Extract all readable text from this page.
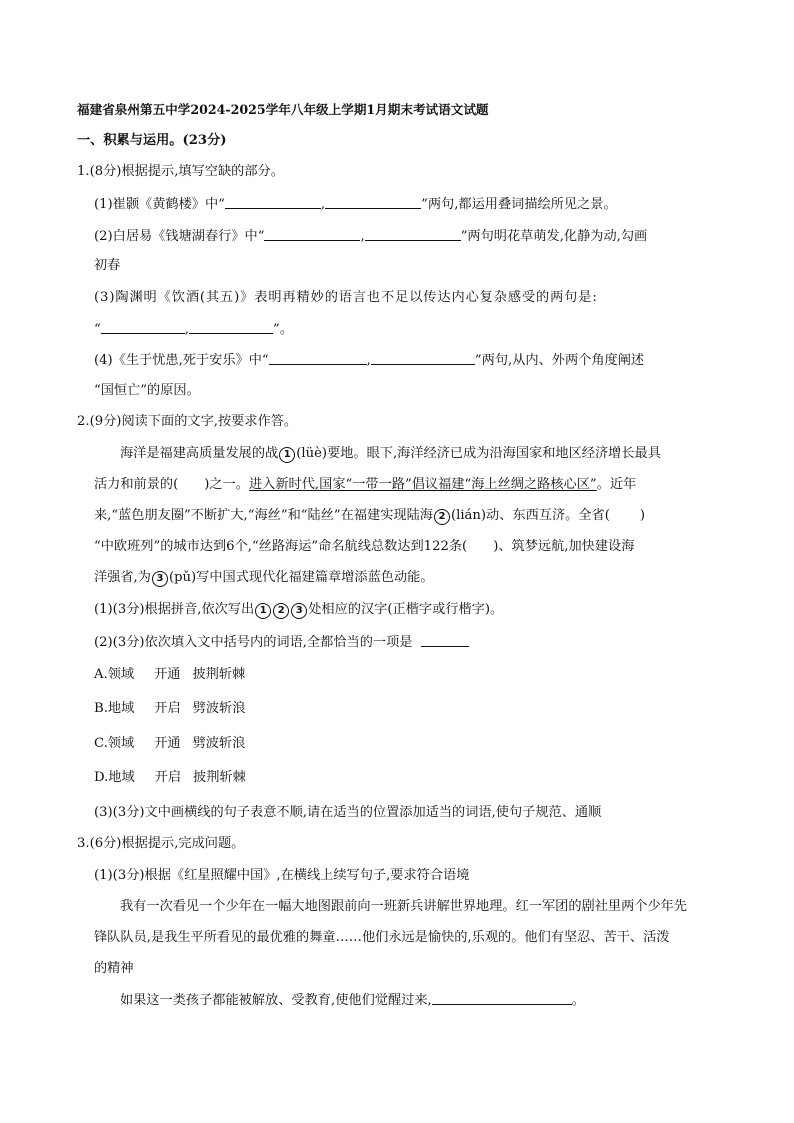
福建省泉州第五中学2024-2025学年八年级上学期1月期末考试语文试题
一、积累与运用。(23分)
1.(8分)根据提示,填写空缺的部分。
(1)崔颢《黄鹤楼》中“	,	”两句,都运用叠词描绘所见之景。
(2)白居易《钱塘湖春行》中“	,	”两句明花草萌发,化静为动,勾画
初春
(3)陶渊明《饮酒(其五)》表明再精妙的语言也不足以传达内心复杂感受的两句是:
“	,	”。
(4)《生于忧患,死于安乐》中“	,	”两句,从内、外两个角度阐述
“国恒亡”的原因。
2.(9分)阅读下面的文字,按要求作答。
海洋是福建高质量发展的战 1 (lüè)要地。眼下,海洋经济已成为沿海国家和地区经济增长最具
活力和前景的( )之一。进入新时代,国家“一带一路”倡议福建“海上丝绸之路核心区”。近年
来,“蓝色朋友圈”不断扩大,“海丝”和“陆丝”在福建实现陆海 2 (lián)动、东西互济。全省( )
“中欧班列”的城市达到6个,“丝路海运”命名航线总数达到122条( )、筑梦远航,加快建设海
洋强省,为 3 (pǔ)写中国式现代化福建篇章增添蓝色动能。
(1)(3分)根据拼音,依次写出 1 2 3 处相应的汉字(正楷字或行楷字)。
(2)(3分)依次填入文中括号内的词语,全都恰当的一项是
A.领域 开通 披荆斩棘
B.地域 开启 劈波斩浪
C.领域 开通 劈波斩浪
D.地域 开启 披荆斩棘
(3)(3分)文中画横线的句子表意不顺,请在适当的位置添加适当的词语,使句子规范、通顺
3.(6分)根据提示,完成问题。
(1)(3分)根据《红星照耀中国》,在横线上续写句子,要求符合语境
我有一次看见一个少年在一幅大地图跟前向一班新兵讲解世界地理。红一军团的剧社里两个少年先
锋队队员,是我生平所看见的最优雅的舞童……他们永远是愉快的,乐观的。他们有坚忍、苦干、活泼
的精神
如果这一类孩子都能被解放、受教育,使他们觉醒过来,	。
